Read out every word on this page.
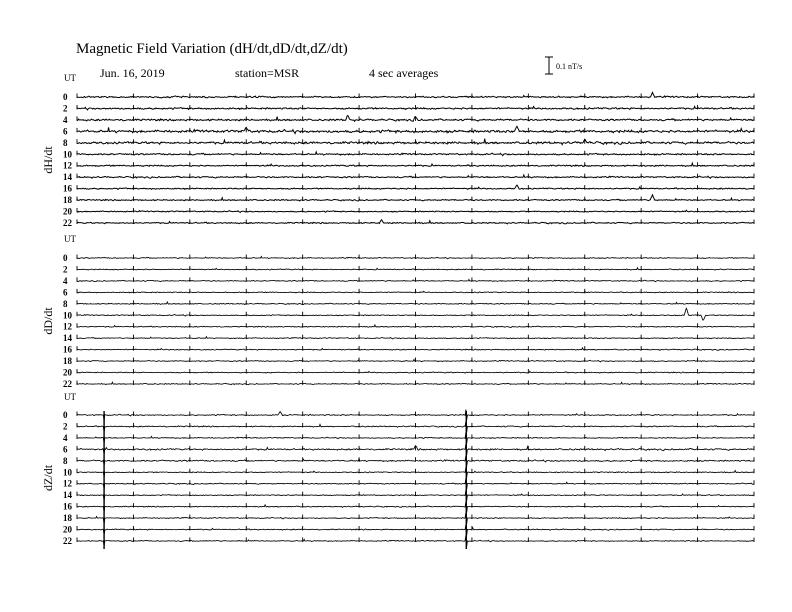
Magnetic Field Variation (dH/dt,dD/dt,dZ/dt)
Jun. 16, 2019	station=MSR	4 sec averages	0.1 nT/s
UT
dH/dt
0
2
4
6
8
10
12
14
16
18
20
22
UT
dD/dt
0
2
4
6
8
10
12
14
16
18
20
22
UT
dZ/dt
0
2
4
6
8
10
12
14
16
18
20
22
